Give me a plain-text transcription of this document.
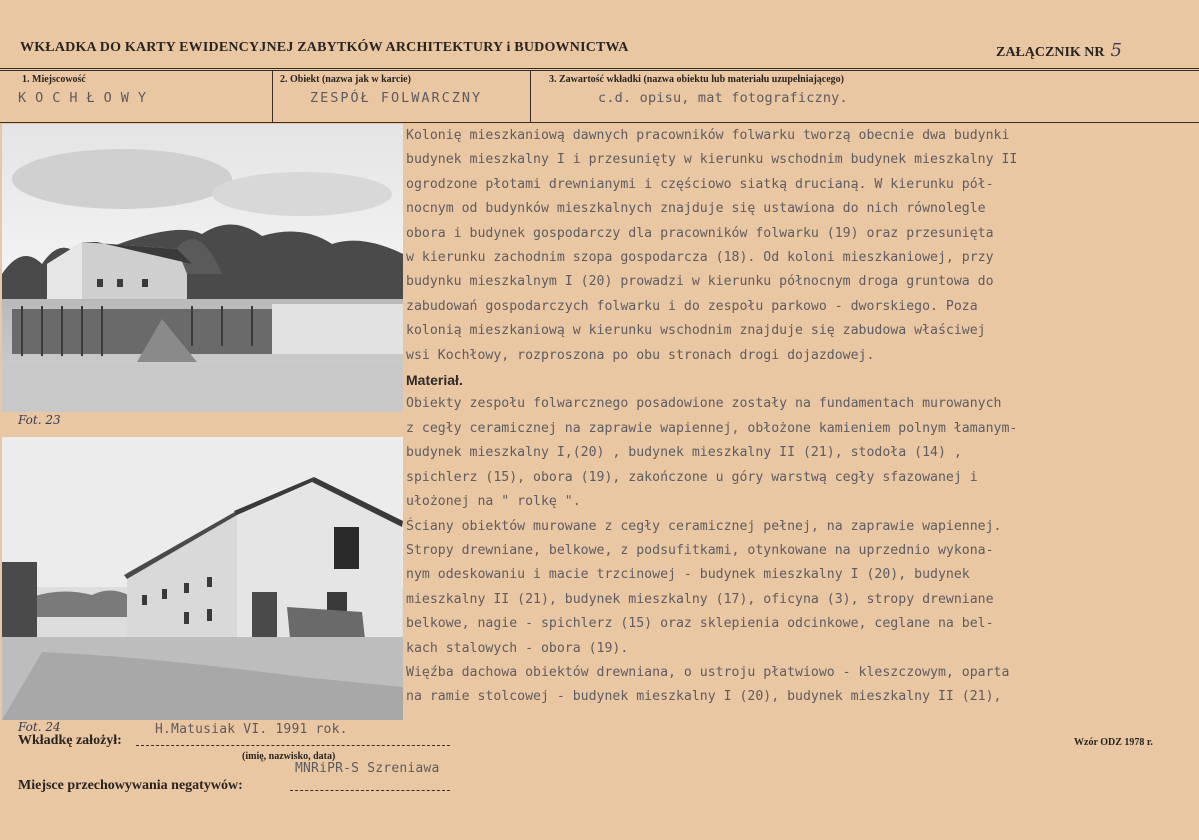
WKŁADKA DO KARTY EWIDENCYJNEJ ZABYTKÓW ARCHITEKTURY i BUDOWNICTWA	ZAŁĄCZNIK NR 5
1. Miejscowość
KOCHŁOWY
2. Obiekt (nazwa jak w karcie)
ZESPÓŁ FOLWARCZNY
3. Zawartość wkładki (nazwa obiektu lub materiału uzupełniającego)
c.d. opisu, mat fotograficzny.
Fot. 23
Fot. 24

Kolonię mieszkaniową dawnych pracowników folwarku tworzą obecnie dwa budynki

budynek mieszkalny I i przesunięty w kierunku wschodnim budynek mieszkalny II

ogrodzone płotami drewnianymi i częściowo siatką drucianą. W kierunku pół-

nocnym od budynków mieszkalnych znajduje się ustawiona do nich równolegle

obora i budynek gospodarczy dla pracowników folwarku (19) oraz przesunięta

w kierunku zachodnim szopa gospodarcza (18). Od koloni mieszkaniowej, przy

budynku mieszkalnym I (20) prowadzi w kierunku północnym droga gruntowa do

zabudowań gospodarczych folwarku i do zespołu parkowo - dworskiego. Poza

kolonią mieszkaniową w kierunku wschodnim znajduje się zabudowa właściwej

wsi Kochłowy, rozproszona po obu stronach drogi dojazdowej.

Materiał.

Obiekty zespołu folwarcznego posadowione zostały na fundamentach murowanych

z cegły ceramicznej na zaprawie wapiennej, obłożone kamieniem polnym łamanym-

budynek mieszkalny I,(20) , budynek mieszkalny II (21), stodoła (14) ,

spichlerz (15), obora (19), zakończone u góry warstwą cegły sfazowanej i

ułożonej na " rolkę ".

Ściany obiektów murowane z cegły ceramicznej pełnej, na zaprawie wapiennej.

Stropy drewniane, belkowe, z podsufitkami, otynkowane na uprzednio wykona-

nym odeskowaniu i macie trzcinowej - budynek mieszkalny I (20), budynek

mieszkalny II (21), budynek mieszkalny (17), oficyna (3), stropy drewniane

belkowe, nagie - spichlerz (15) oraz sklepienia odcinkowe, ceglane na bel-

kach stalowych - obora (19).

Więźba dachowa obiektów drewniana, o ustroju płatwiowo - kleszczowym, oparta

na ramie stolcowej - budynek mieszkalny I (20), budynek mieszkalny II (21),

Wkładkę założył:
H.Matusiak VI. 1991 rok.
(imię, nazwisko, data)
Wzór ODZ 1978 r.
MNRiPR-S Szreniawa
Miejsce przechowywania negatywów:
